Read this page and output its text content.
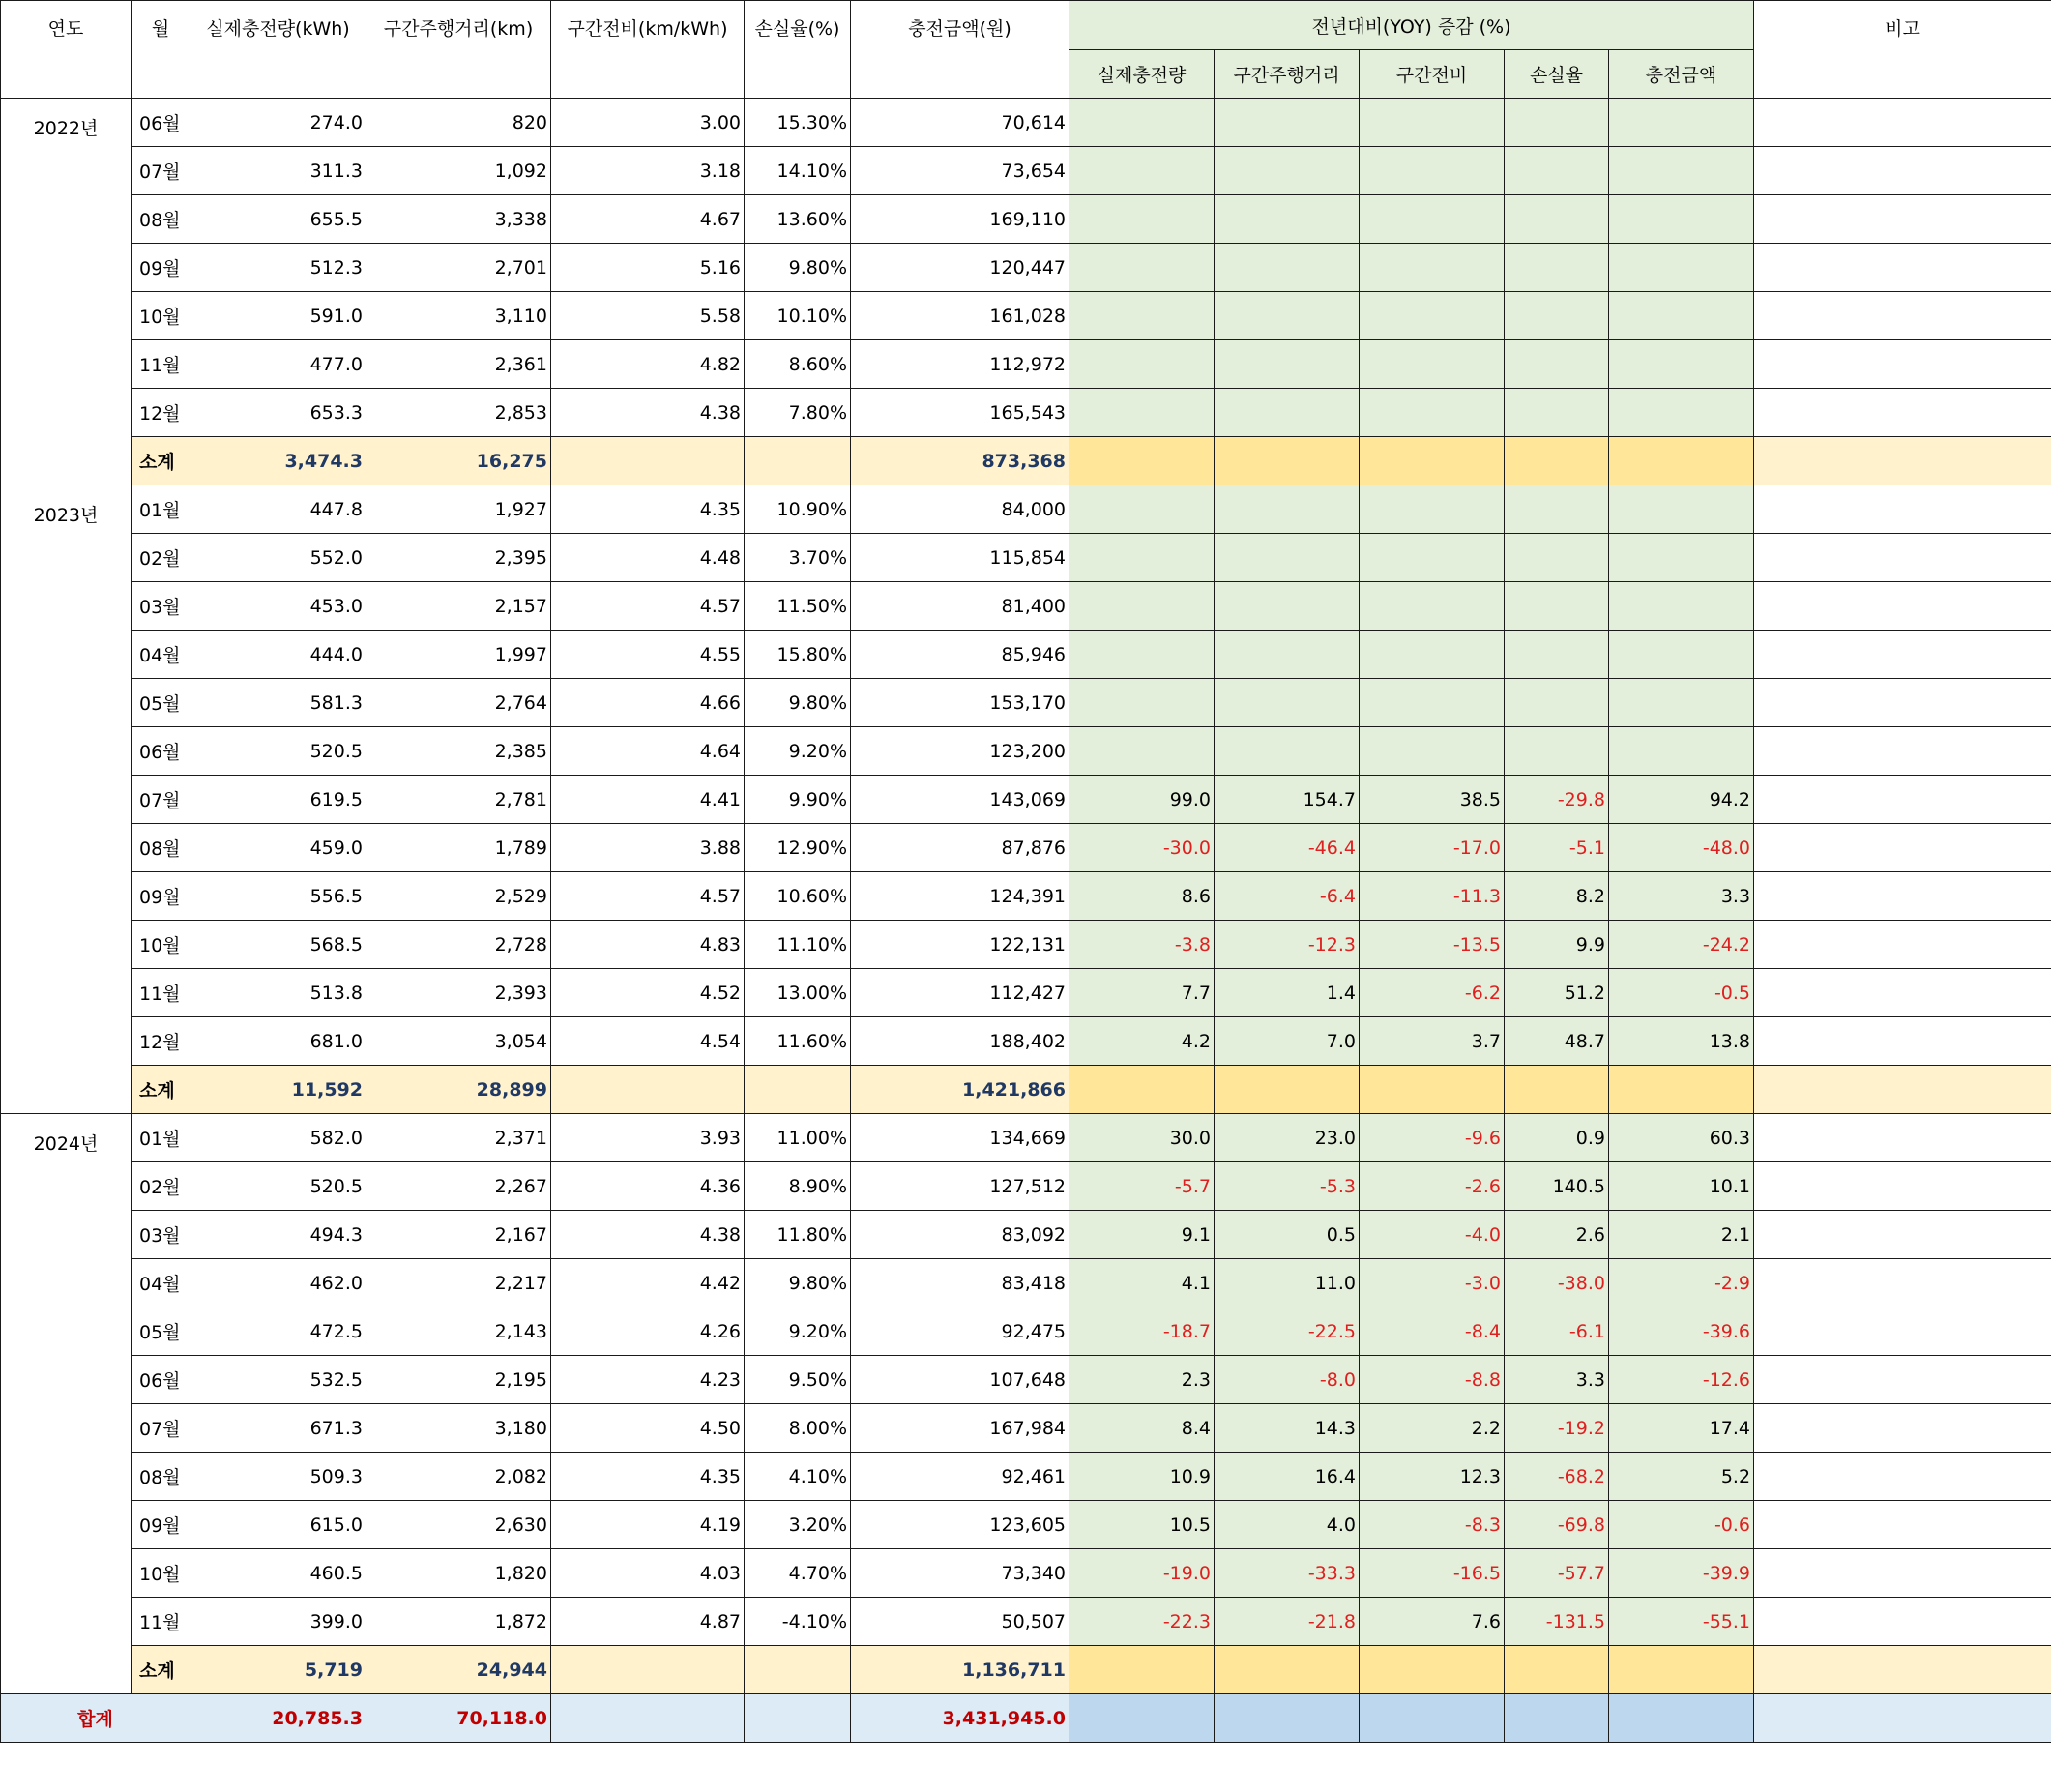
연도	월	실제충전량(kWh)	구간주행거리(km)	구간전비(km/kWh)	손실율(%)	충전금액(원)	전년대비(YOY) 증감 (%)					비고
							실제충전량	구간주행거리	구간전비	손실율	충전금액	
2022년	06월	274.0	820	3.00	15.30%	70,614						
	07월	311.3	1,092	3.18	14.10%	73,654						
	08월	655.5	3,338	4.67	13.60%	169,110						
	09월	512.3	2,701	5.16	9.80%	120,447						
	10월	591.0	3,110	5.58	10.10%	161,028						
	11월	477.0	2,361	4.82	8.60%	112,972						
	12월	653.3	2,853	4.38	7.80%	165,543						
	소계	3,474.3	16,275			873,368						
2023년	01월	447.8	1,927	4.35	10.90%	84,000						
	02월	552.0	2,395	4.48	3.70%	115,854						
	03월	453.0	2,157	4.57	11.50%	81,400						
	04월	444.0	1,997	4.55	15.80%	85,946						
	05월	581.3	2,764	4.66	9.80%	153,170						
	06월	520.5	2,385	4.64	9.20%	123,200						
	07월	619.5	2,781	4.41	9.90%	143,069	99.0	154.7	38.5	-29.8	94.2	
	08월	459.0	1,789	3.88	12.90%	87,876	-30.0	-46.4	-17.0	-5.1	-48.0	
	09월	556.5	2,529	4.57	10.60%	124,391	8.6	-6.4	-11.3	8.2	3.3	
	10월	568.5	2,728	4.83	11.10%	122,131	-3.8	-12.3	-13.5	9.9	-24.2	
	11월	513.8	2,393	4.52	13.00%	112,427	7.7	1.4	-6.2	51.2	-0.5	
	12월	681.0	3,054	4.54	11.60%	188,402	4.2	7.0	3.7	48.7	13.8	
	소계	11,592	28,899			1,421,866						
2024년	01월	582.0	2,371	3.93	11.00%	134,669	30.0	23.0	-9.6	0.9	60.3	
	02월	520.5	2,267	4.36	8.90%	127,512	-5.7	-5.3	-2.6	140.5	10.1	
	03월	494.3	2,167	4.38	11.80%	83,092	9.1	0.5	-4.0	2.6	2.1	
	04월	462.0	2,217	4.42	9.80%	83,418	4.1	11.0	-3.0	-38.0	-2.9	
	05월	472.5	2,143	4.26	9.20%	92,475	-18.7	-22.5	-8.4	-6.1	-39.6	
	06월	532.5	2,195	4.23	9.50%	107,648	2.3	-8.0	-8.8	3.3	-12.6	
	07월	671.3	3,180	4.50	8.00%	167,984	8.4	14.3	2.2	-19.2	17.4	
	08월	509.3	2,082	4.35	4.10%	92,461	10.9	16.4	12.3	-68.2	5.2	
	09월	615.0	2,630	4.19	3.20%	123,605	10.5	4.0	-8.3	-69.8	-0.6	
	10월	460.5	1,820	4.03	4.70%	73,340	-19.0	-33.3	-16.5	-57.7	-39.9	
	11월	399.0	1,872	4.87	-4.10%	50,507	-22.3	-21.8	7.6	-131.5	-55.1	
	소계	5,719	24,944			1,136,711						
합계		20,785.3	70,118.0			3,431,945.0						
